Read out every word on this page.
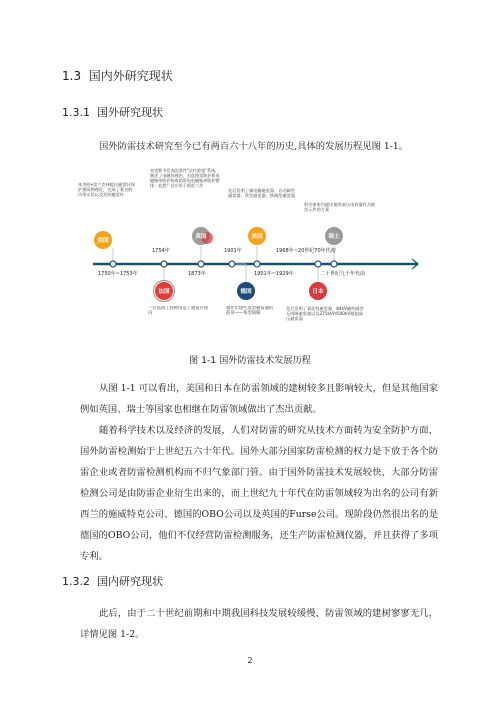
1.3 国内外研究现状
1.3.1 国外研究现状

国外防雷技术研究至今已有两百六十八年的历史,具体的发展历程见图 1-1。

美国
1750年~1753年
本杰明•富兰克林提出避雷针保护建筑物理论，完成了著名的风筝实验以及发明避雷针
英国
1754年
麦克斯韦发表的条件"法拉第笼"系统，阐述了电磁场理论，由直接雷防护和电磁脉冲防护构成的雷电电磁脉冲防护整体一直把广泛应用于防雷工作
法国
一位法国工程师创造了避雷针接闪
1873年
德国
1901年
制作出现代发型避雷器的前身——角型间隙
美国
1901年~1929年
先后发明了阀电解避雷器、自动阀型避雷器、管型避雷器、铁阀型避雷器
日本
1968年~20世纪70年代初
先后发明了氧化锌避雷器、84kV磁吹阀型无间隙避雷器以及275kV和500kV超超高压避雷器
瑞士
二十世纪九十年代前
科学家室内提出使用高压电容器作为防雷元件的方案
图 1-1 国外防雷技术发展历程

从图 1-1 可以看出，美国和日本在防雷领域的建树较多且影响较大，但是其他国家例如英国、瑞士等国家也相继在防雷领域做出了杰出贡献。

随着科学技术以及经济的发展，人们对防雷的研究从技术方面转为安全防护方面，国外防雷检测始于上世纪五六十年代。国外大部分国家防雷检测的权力是下放于各个防雷企业或者防雷检测机构而不归气象部门管。由于国外防雷技术发展较快，大部分防雷检测公司是由防雷企业衍生出来的，而上世纪九十年代在防雷领域较为出名的公司有新西兰的施威特克公司、德国的OBO公司以及英国的Furse公司。现阶段仍然很出名的是德国的OBO公司，他们不仅经营防雷检测服务，还生产防雷检测仪器，并且获得了多项专利。

1.3.2 国内研究现状

此后，由于二十世纪前期和中期我国科技发展较缓慢，防雷领域的建树寥寥无几，详情见图 1-2。

2
